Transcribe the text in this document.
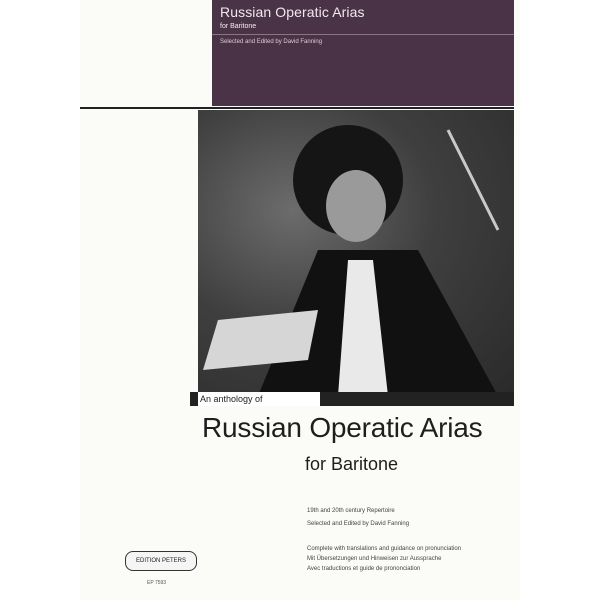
Russian Operatic Arias
for Baritone
Selected and Edited by David Fanning
An anthology of
Russian Operatic Arias
for Baritone
19th and 20th century Repertoire
Selected and Edited by David Fanning
Complete with translations and guidance on pronunciation
Mit Übersetzungen und Hinweisen zur Aussprache
Avec traductions et guide de prononciation
EDITION PETERS
EP 7593
